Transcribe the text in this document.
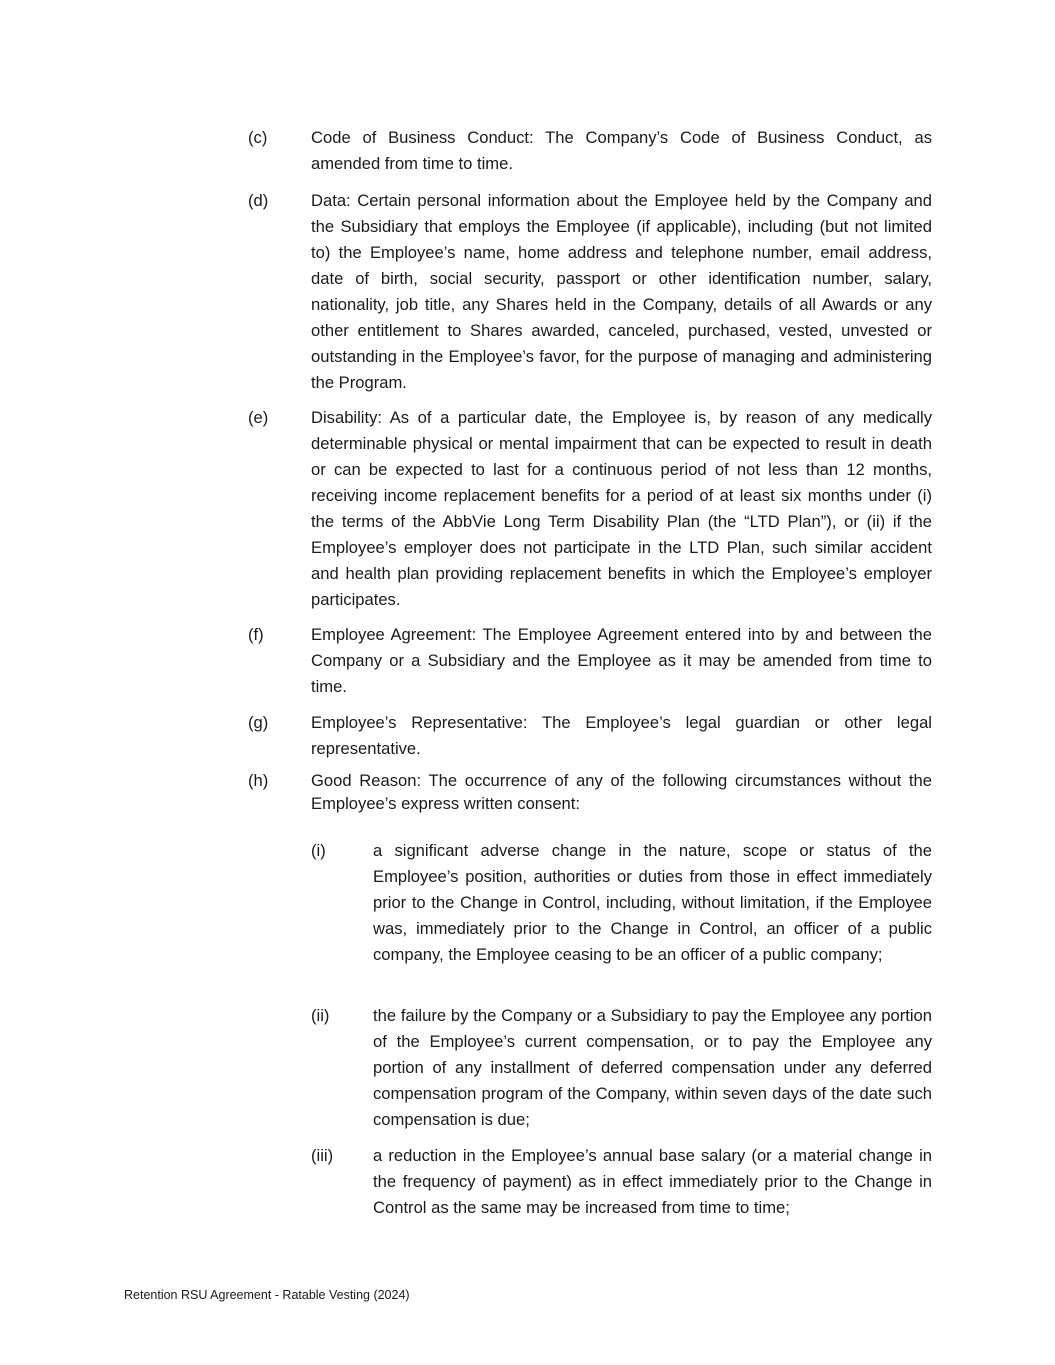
(c)	Code of Business Conduct: The Company’s Code of Business Conduct, as amended from time to time.
(d)	Data: Certain personal information about the Employee held by the Company and the Subsidiary that employs the Employee (if applicable), including (but not limited to) the Employee’s name, home address and telephone number, email address, date of birth, social security, passport or other identification number, salary, nationality, job title, any Shares held in the Company, details of all Awards or any other entitlement to Shares awarded, canceled, purchased, vested, unvested or outstanding in the Employee’s favor, for the purpose of managing and administering the Program.
(e)	Disability: As of a particular date, the Employee is, by reason of any medically determinable physical or mental impairment that can be expected to result in death or can be expected to last for a continuous period of not less than 12 months, receiving income replacement benefits for a period of at least six months under (i) the terms of the AbbVie Long Term Disability Plan (the “LTD Plan”), or (ii) if the Employee’s employer does not participate in the LTD Plan, such similar accident and health plan providing replacement benefits in which the Employee’s employer participates.
(f)	Employee Agreement: The Employee Agreement entered into by and between the Company or a Subsidiary and the Employee as it may be amended from time to time.
(g)	Employee’s Representative: The Employee’s legal guardian or other legal representative.
(h)	Good Reason: The occurrence of any of the following circumstances without the Employee’s express written consent:
(i)	a significant adverse change in the nature, scope or status of the Employee’s position, authorities or duties from those in effect immediately prior to the Change in Control, including, without limitation, if the Employee was, immediately prior to the Change in Control, an officer of a public company, the Employee ceasing to be an officer of a public company;
(ii)	the failure by the Company or a Subsidiary to pay the Employee any portion of the Employee’s current compensation, or to pay the Employee any portion of any installment of deferred compensation under any deferred compensation program of the Company, within seven days of the date such compensation is due;
(iii) a reduction in the Employee’s annual base salary (or a material change in the frequency of payment) as in effect immediately prior to the Change in Control as the same may be increased from time to time;
Retention RSU Agreement - Ratable Vesting (2024)
